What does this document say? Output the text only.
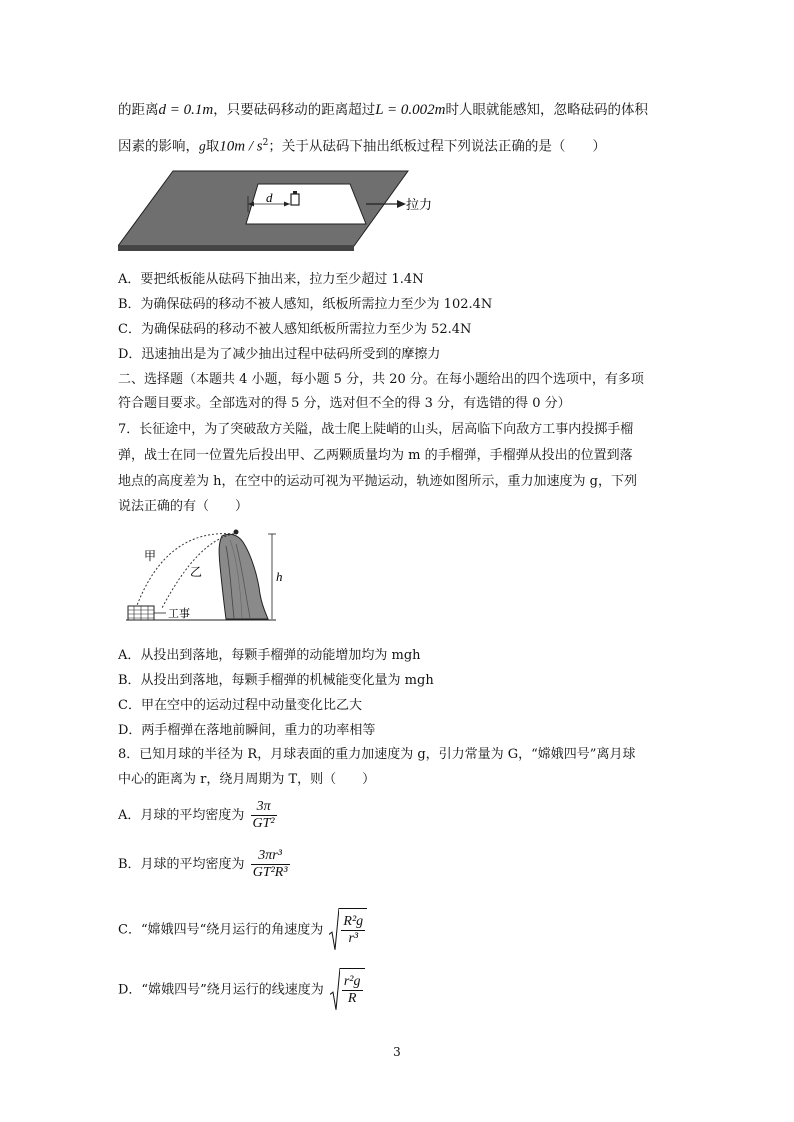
的距离d = 0.1m，只要砝码移动的距离超过L = 0.002m时人眼就能感知，忽略砝码的体积
因素的影响，g取$10m / s^2$；关于从砝码下抽出纸板过程下列说法正确的是（　　）
d
拉力
A．要把纸板能从砝码下抽出来，拉力至少超过 1.4N
B．为确保砝码的移动不被人感知，纸板所需拉力至少为 102.4N
C．为确保砝码的移动不被人感知纸板所需拉力至少为 52.4N
D．迅速抽出是为了减少抽出过程中砝码所受到的摩擦力
二、选择题（本题共 4 小题，每小题 5 分，共 20 分。在每小题给出的四个选项中，有多项
符合题目要求。全部选对的得 5 分，选对但不全的得 3 分，有选错的得 0 分）
7．长征途中，为了突破敌方关隘，战士爬上陡峭的山头，居高临下向敌方工事内投掷手榴
弹，战士在同一位置先后投出甲、乙两颗质量均为 m 的手榴弹，手榴弹从投出的位置到落
地点的高度差为 h，在空中的运动可视为平抛运动，轨迹如图所示，重力加速度为 g，下列
说法正确的有（　　）
甲
乙
工事
h
A．从投出到落地，每颗手榴弹的动能增加均为 mgh
B．从投出到落地，每颗手榴弹的机械能变化量为 mgh
C．甲在空中的运动过程中动量变化比乙大
D．两手榴弹在落地前瞬间，重力的功率相等
8．已知月球的半径为 R，月球表面的重力加速度为 g，引力常量为 G，“嫦娥四号”离月球
中心的距离为 r，绕月周期为 T，则（　　）
A．月球的平均密度为 $\frac{3\pi}{\text{GT²}}$
B．月球的平均密度为 $\frac{\text{3πr³}}{\text{GT²R³}}$
C．“嫦娥四号“绕月运行的角速度为 $\frac{\text{R²g}}{\text{r³}}$
D．“嫦娥四号”绕月运行的线速度为 $\frac{\text{r²g}}{R}$
3
